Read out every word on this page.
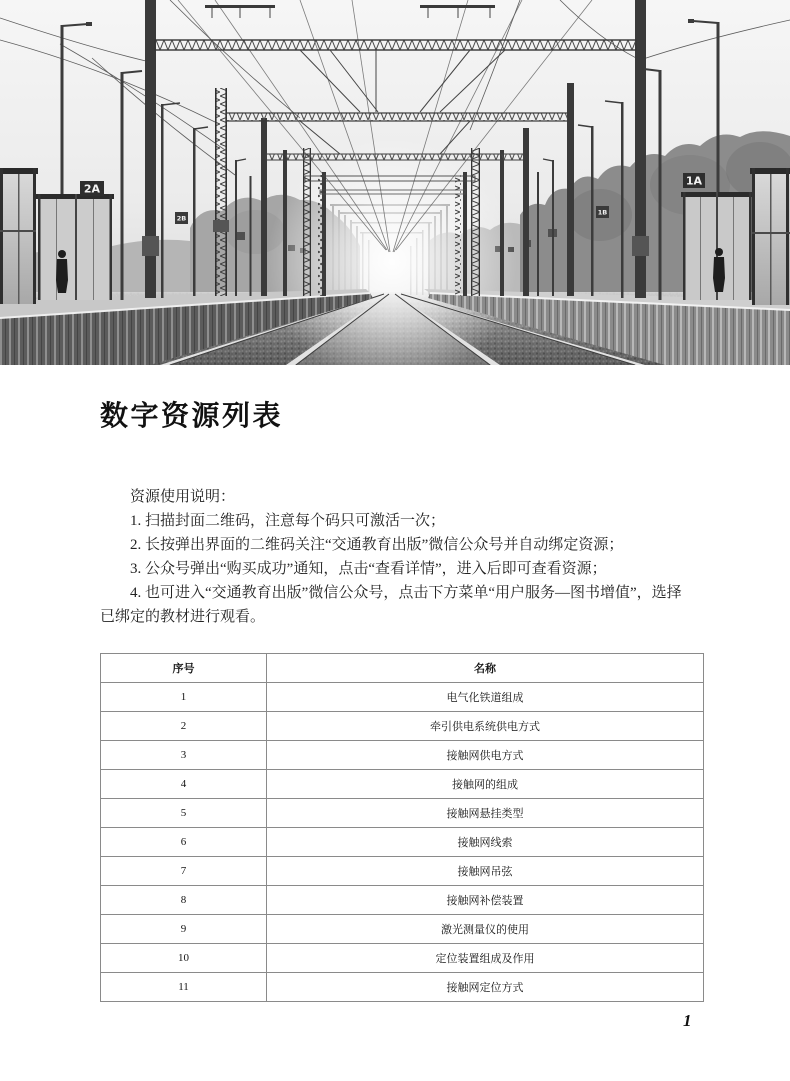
2A
2B
1A
1B
数字资源列表
资源使用说明：
1. 扫描封面二维码，注意每个码只可激活一次；
2. 长按弹出界面的二维码关注“交通教育出版”微信公众号并自动绑定资源；
3. 公众号弹出“购买成功”通知，点击“查看详情”，进入后即可查看资源；
4. 也可进入“交通教育出版”微信公众号，点击下方菜单“用户服务—图书增值”，选择
已绑定的教材进行观看。
序号	名称
1	电气化铁道组成
2	牵引供电系统供电方式
3	接触网供电方式
4	接触网的组成
5	接触网悬挂类型
6	接触网线索
7	接触网吊弦
8	接触网补偿装置
9	激光测量仪的使用
10	定位装置组成及作用
11	接触网定位方式
1
